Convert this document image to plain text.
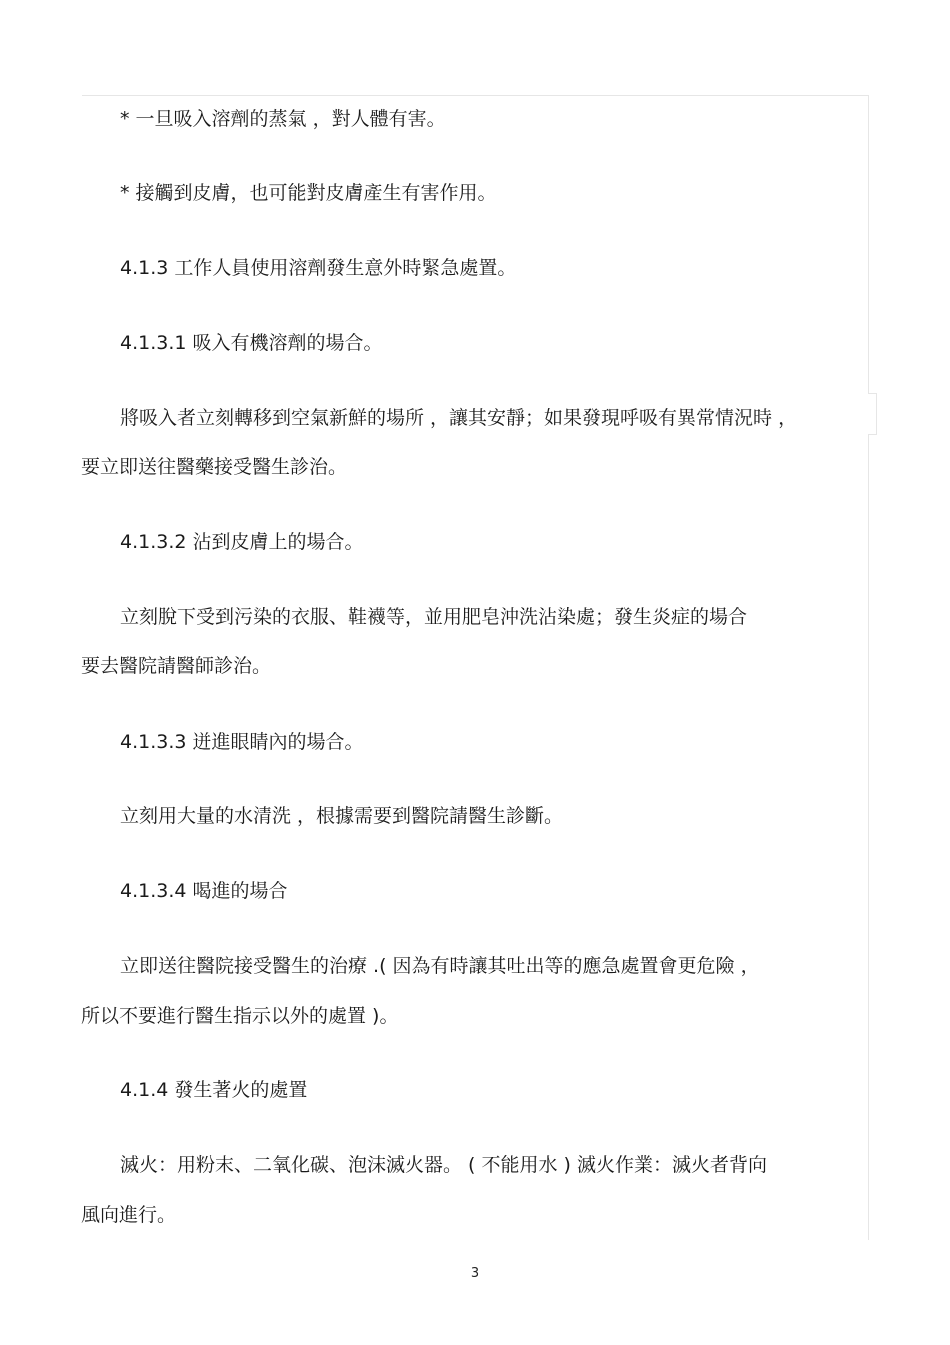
* 一旦吸入溶劑的蒸氣 ，對人體有害。
* 接觸到皮膚，也可能對皮膚產生有害作用。
4.1.3 工作人員使用溶劑發生意外時緊急處置。
4.1.3.1 吸入有機溶劑的場合。
將吸入者立刻轉移到空氣新鮮的場所 ，讓其安靜；如果發現呼吸有異常情況時 ，
要立即送往醫藥接受醫生診治。
4.1.3.2 沾到皮膚上的場合。
立刻脫下受到污染的衣服、鞋襪等，並用肥皂沖洗沾染處；發生炎症的場合
要去醫院請醫師診治。
4.1.3.3 迸進眼睛內的場合。
立刻用大量的水清洗 ，根據需要到醫院請醫生診斷。
4.1.3.4 喝進的場合
立即送往醫院接受醫生的治療 .( 因為有時讓其吐出等的應急處置會更危險 ，
所以不要進行醫生指示以外的處置 )。
4.1.4 發生著火的處置
滅火：用粉末、二氧化碳、泡沫滅火器。 ( 不能用水 ) 滅火作業：滅火者背向
風向進行。
3
